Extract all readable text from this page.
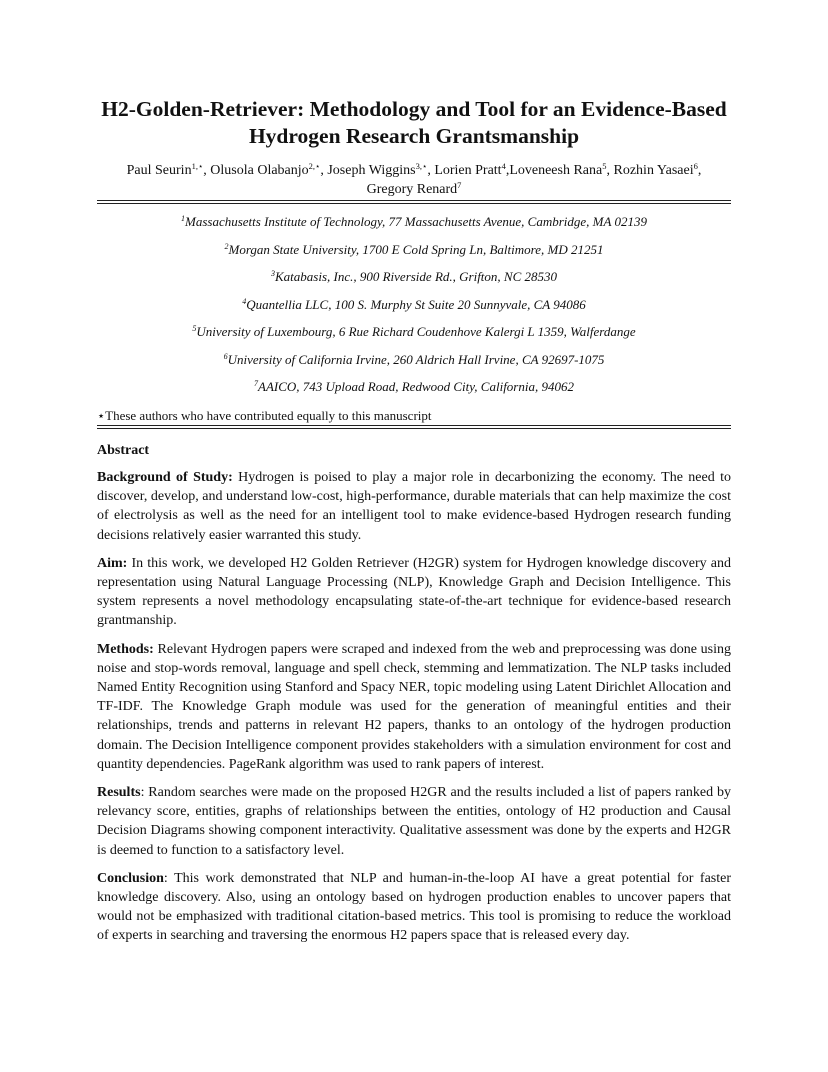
H2-Golden-Retriever: Methodology and Tool for an Evidence-Based Hydrogen Research Grantsmanship
Paul Seurin$^{1,⋆}$, Olusola Olabanjo$^{2,⋆}$, Joseph Wiggins$^{3,⋆}$, Lorien Pratt$^4$,Loveneesh Rana$^5$, Rozhin Yasaei$^6$,
Gregory Renard$^7$
$^1$Massachusetts Institute of Technology, 77 Massachusetts Avenue, Cambridge, MA 02139
$^2$Morgan State University, 1700 E Cold Spring Ln, Baltimore, MD 21251
$^3$Katabasis, Inc., 900 Riverside Rd., Grifton, NC 28530
$^4$Quantellia LLC, 100 S. Murphy St Suite 20 Sunnyvale, CA 94086
$^5$University of Luxembourg, 6 Rue Richard Coudenhove Kalergi L 1359, Walferdange
$^6$University of California Irvine, 260 Aldrich Hall Irvine, CA 92697-1075
$^7$AAICO, 743 Upload Road, Redwood City, California, 94062
⋆These authors who have contributed equally to this manuscript
Abstract

Background of Study: Hydrogen is poised to play a major role in decarbonizing the economy. The need to discover, develop, and understand low-cost, high-performance, durable materials that can help maximize the cost of electrolysis as well as the need for an intelligent tool to make evidence-based Hydrogen research funding decisions relatively easier warranted this study.

Aim: In this work, we developed H2 Golden Retriever (H2GR) system for Hydrogen knowledge discovery and representation using Natural Language Processing (NLP), Knowledge Graph and Decision Intelligence. This system represents a novel methodology encapsulating state-of-the-art technique for evidence-based research grantmanship.

Methods: Relevant Hydrogen papers were scraped and indexed from the web and preprocessing was done using noise and stop-words removal, language and spell check, stemming and lemmatization. The NLP tasks included Named Entity Recognition using Stanford and Spacy NER, topic modeling using Latent Dirichlet Allocation and TF-IDF. The Knowledge Graph module was used for the generation of meaningful entities and their relationships, trends and patterns in relevant H2 papers, thanks to an ontology of the hydrogen production domain. The Decision Intelligence component provides stakeholders with a simulation environment for cost and quantity dependencies. PageRank algorithm was used to rank papers of interest.

Results: Random searches were made on the proposed H2GR and the results included a list of papers ranked by relevancy score, entities, graphs of relationships between the entities, ontology of H2 production and Causal Decision Diagrams showing component interactivity. Qualitative assessment was done by the experts and H2GR is deemed to function to a satisfactory level.

Conclusion: This work demonstrated that NLP and human-in-the-loop AI have a great potential for faster knowledge discovery. Also, using an ontology based on hydrogen production enables to uncover papers that would not be emphasized with traditional citation-based metrics. This tool is promising to reduce the workload of experts in searching and traversing the enormous H2 papers space that is released every day.
